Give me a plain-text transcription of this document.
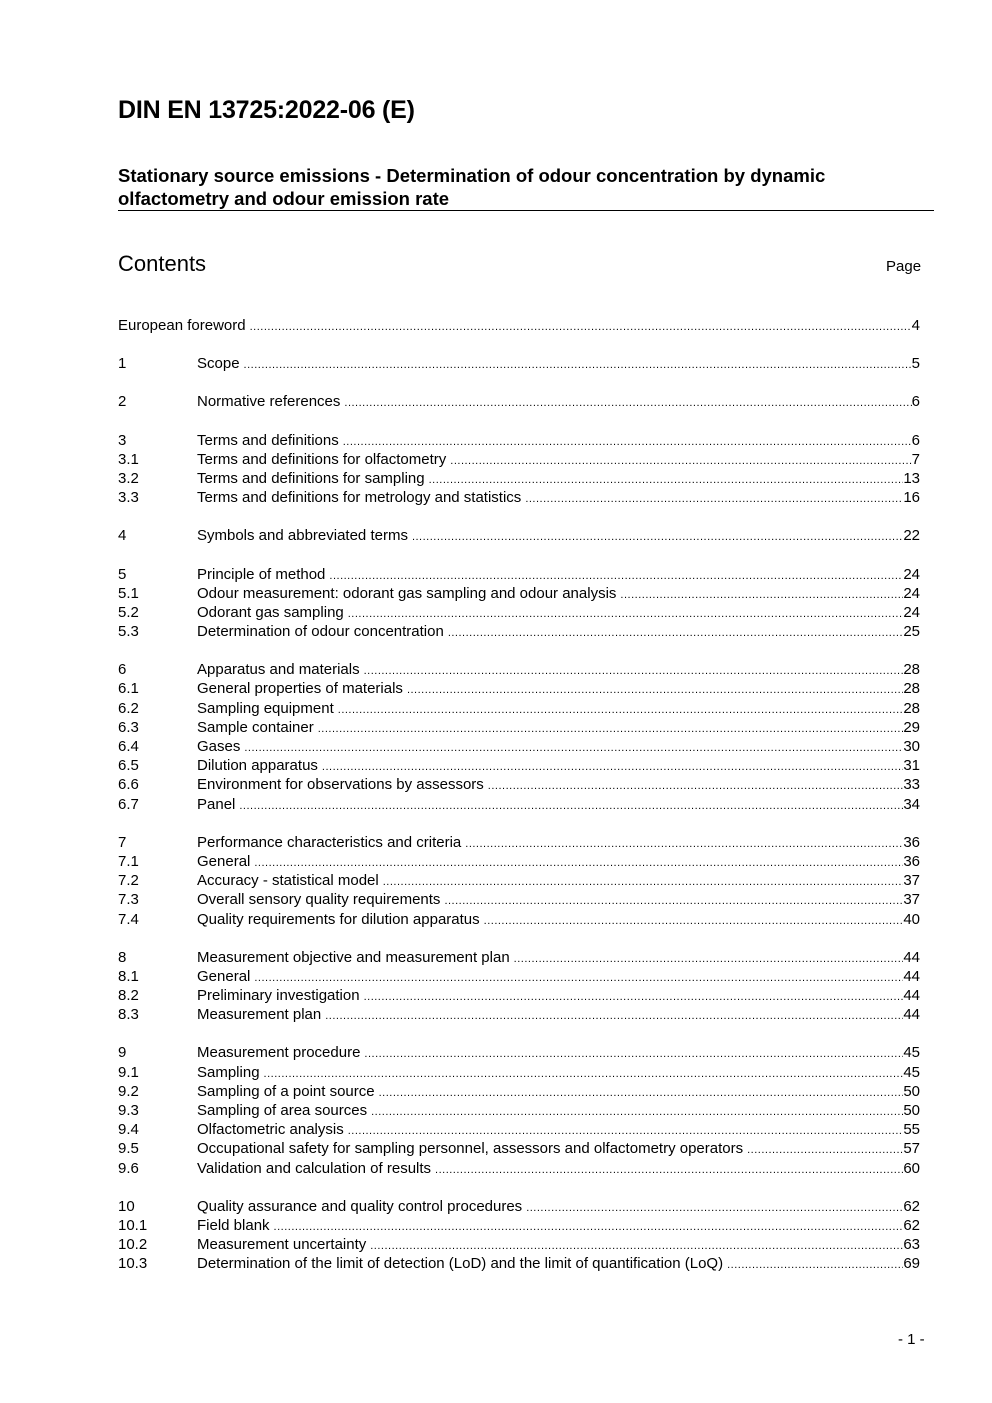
DIN EN 13725:2022-06 (E)
Stationary source emissions - Determination of odour concentration by dynamic
olfactometry and odour emission rate
Contents	Page
European foreword .....	4
1	Scope .....	5
2	Normative references .....	6
3	Terms and definitions .....	6
3.1	Terms and definitions for olfactometry .....	7
3.2	Terms and definitions for sampling .....	13
3.3	Terms and definitions for metrology and statistics .....	16
4	Symbols and abbreviated terms .....	22
5	Principle of method .....	24
5.1	Odour measurement: odorant gas sampling and odour analysis .....	24
5.2	Odorant gas sampling .....	24
5.3	Determination of odour concentration .....	25
6	Apparatus and materials .....	28
6.1	General properties of materials .....	28
6.2	Sampling equipment .....	28
6.3	Sample container .....	29
6.4	Gases .....	30
6.5	Dilution apparatus .....	31
6.6	Environment for observations by assessors .....	33
6.7	Panel .....	34
7	Performance characteristics and criteria .....	36
7.1	General .....	36
7.2	Accuracy - statistical model .....	37
7.3	Overall sensory quality requirements .....	37
7.4	Quality requirements for dilution apparatus .....	40
8	Measurement objective and measurement plan .....	44
8.1	General .....	44
8.2	Preliminary investigation .....	44
8.3	Measurement plan .....	44
9	Measurement procedure .....	45
9.1	Sampling .....	45
9.2	Sampling of a point source .....	50
9.3	Sampling of area sources .....	50
9.4	Olfactometric analysis .....	55
9.5	Occupational safety for sampling personnel, assessors and olfactometry operators .....	57
9.6	Validation and calculation of results .....	60
10	Quality assurance and quality control procedures .....	62
10.1	Field blank .....	62
10.2	Measurement uncertainty .....	63
10.3	Determination of the limit of detection (LoD) and the limit of quantification (LoQ) .....	69
- 1 -
